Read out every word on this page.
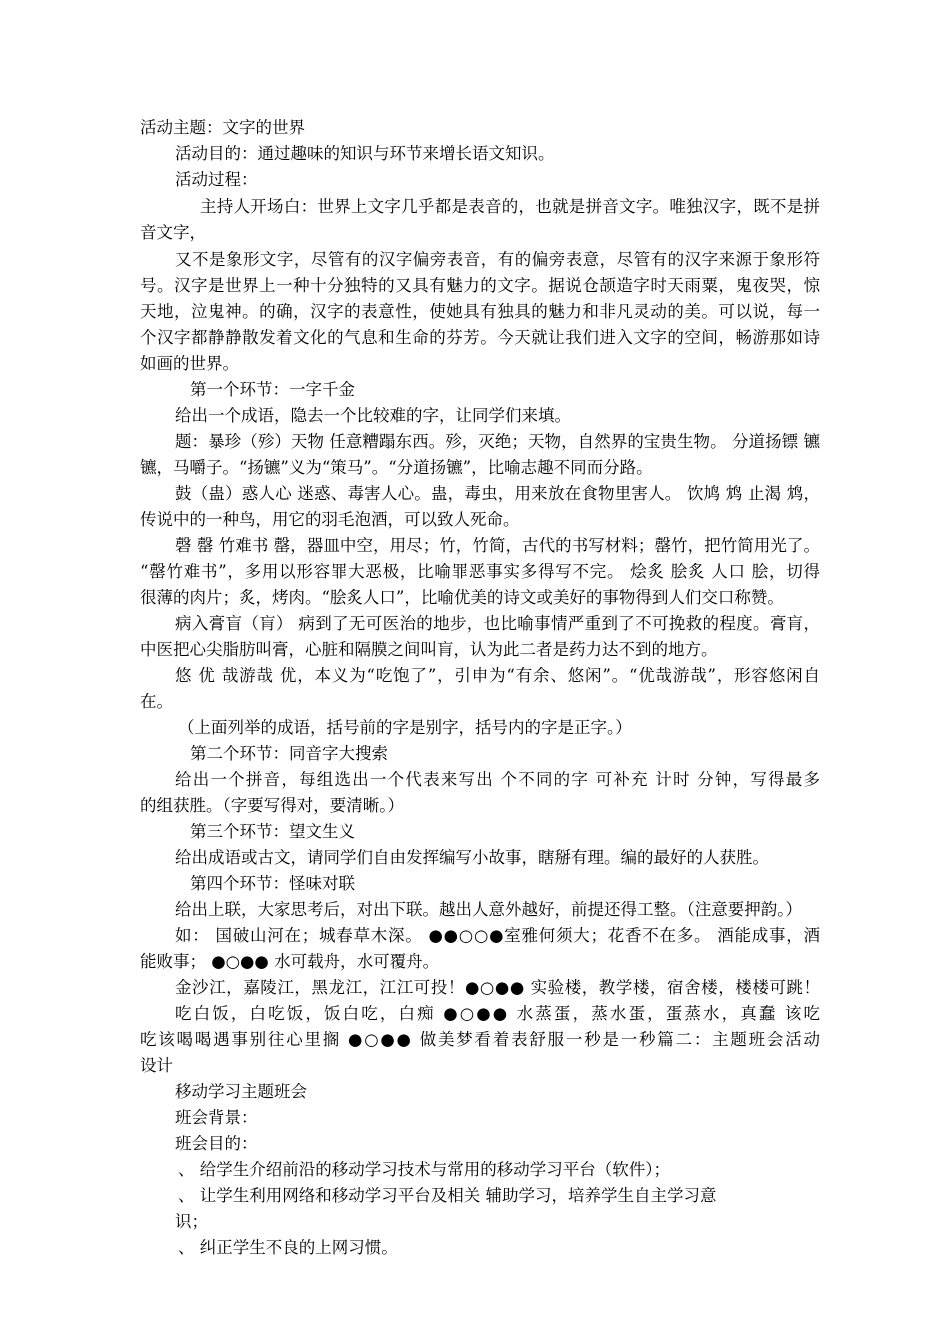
活动主题：文字的世界
活动目的：通过趣味的知识与环节来增长语文知识。
活动过程：
主持人开场白：世界上文字几乎都是表音的，也就是拼音文字。唯独汉字，既不是拼
音文字，
又不是象形文字，尽管有的汉字偏旁表音，有的偏旁表意，尽管有的汉字来源于象形符
号。汉字是世界上一种十分独特的又具有魅力的文字。据说仓颉造字时天雨粟，鬼夜哭，惊
天地，泣鬼神。的确，汉字的表意性，使她具有独具的魅力和非凡灵动的美。可以说，每一
个汉字都静静散发着文化的气息和生命的芬芳。今天就让我们进入文字的空间，畅游那如诗
如画的世界。
第一个环节：一字千金
给出一个成语，隐去一个比较难的字，让同学们来填。
题：暴珍（殄）天物 任意糟蹋东西。殄，灭绝；天物，自然界的宝贵生物。 分道扬镖 镳
镳，马嚼子。“扬镳”义为“策马”。“分道扬镳”，比喻志趣不同而分路。
鼓（蛊）惑人心 迷惑、毒害人心。蛊，毒虫，用来放在食物里害人。 饮鸠 鸩 止渴 鸩，
传说中的一种鸟，用它的羽毛泡酒，可以致人死命。
磬 罄 竹难书 罄，器皿中空，用尽；竹，竹简，古代的书写材料；罄竹，把竹简用光了。
“罄竹难书”，多用以形容罪大恶极，比喻罪恶事实多得写不完。 烩炙 脍炙 人口 脍，切得
很薄的肉片；炙，烤肉。“脍炙人口”，比喻优美的诗文或美好的事物得到人们交口称赞。
病入膏盲（肓） 病到了无可医治的地步，也比喻事情严重到了不可挽救的程度。膏肓，
中医把心尖脂肪叫膏，心脏和隔膜之间叫肓，认为此二者是药力达不到的地方。
悠 优 哉游哉 优，本义为“吃饱了”，引申为“有余、悠闲”。“优哉游哉”，形容悠闲自
在。
（上面列举的成语，括号前的字是别字，括号内的字是正字。）
第二个环节：同音字大搜索
给出一个拼音，每组选出一个代表来写出 个不同的字 可补充 计时 分钟，写得最多
的组获胜。（字要写得对，要清晰。）
第三个环节：望文生义
给出成语或古文，请同学们自由发挥编写小故事，瞎掰有理。编的最好的人获胜。
第四个环节：怪味对联
给出上联，大家思考后，对出下联。越出人意外越好，前提还得工整。（注意要押韵。）
如： 国破山河在；城春草木深。 ●●○○●室雅何须大；花香不在多。 酒能成事，酒
能败事； ●○●● 水可载舟，水可覆舟。
金沙江，嘉陵江，黑龙江，江江可投！●○●● 实验楼，教学楼，宿舍楼，楼楼可跳！
吃白饭，白吃饭，饭白吃，白痴 ●○●● 水蒸蛋，蒸水蛋，蛋蒸水，真蠢 该吃
吃该喝喝遇事别往心里搁 ●○●● 做美梦看着表舒服一秒是一秒篇二：主题班会活动
设计
移动学习主题班会
班会背景：
班会目的：
、 给学生介绍前沿的移动学习技术与常用的移动学习平台（软件）；
、 让学生利用网络和移动学习平台及相关 辅助学习，培养学生自主学习意
识；
、 纠正学生不良的上网习惯。
